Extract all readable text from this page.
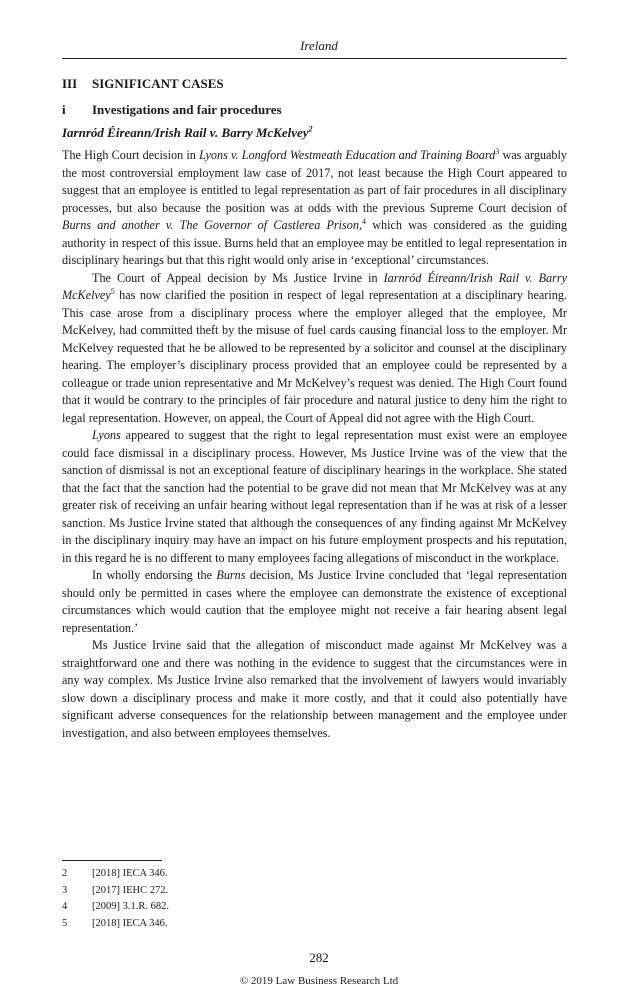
Ireland
III SIGNIFICANT CASES
i Investigations and fair procedures
Iarnród Éireann/Irish Rail v. Barry McKelvey$^2$

The High Court decision in Lyons v. Longford Westmeath Education and Training Board$^3$ was arguably the most controversial employment law case of 2017, not least because the High Court appeared to suggest that an employee is entitled to legal representation as part of fair procedures in all disciplinary processes, but also because the position was at odds with the previous Supreme Court decision of Burns and another v. The Governor of Castlerea Prison,$^4$ which was considered as the guiding authority in respect of this issue. Burns held that an employee may be entitled to legal representation in disciplinary hearings but that this right would only arise in ‘exceptional’ circumstances.

The Court of Appeal decision by Ms Justice Irvine in Iarnród Éireann/Irish Rail v. Barry McKelvey$^5$ has now clarified the position in respect of legal representation at a disciplinary hearing. This case arose from a disciplinary process where the employer alleged that the employee, Mr McKelvey, had committed theft by the misuse of fuel cards causing financial loss to the employer. Mr McKelvey requested that he be allowed to be represented by a solicitor and counsel at the disciplinary hearing. The employer’s disciplinary process provided that an employee could be represented by a colleague or trade union representative and Mr McKelvey’s request was denied. The High Court found that it would be contrary to the principles of fair procedure and natural justice to deny him the right to legal representation. However, on appeal, the Court of Appeal did not agree with the High Court.

Lyons appeared to suggest that the right to legal representation must exist were an employee could face dismissal in a disciplinary process. However, Ms Justice Irvine was of the view that the sanction of dismissal is not an exceptional feature of disciplinary hearings in the workplace. She stated that the fact that the sanction had the potential to be grave did not mean that Mr McKelvey was at any greater risk of receiving an unfair hearing without legal representation than if he was at risk of a lesser sanction. Ms Justice Irvine stated that although the consequences of any finding against Mr McKelvey in the disciplinary inquiry may have an impact on his future employment prospects and his reputation, in this regard he is no different to many employees facing allegations of misconduct in the workplace.

In wholly endorsing the Burns decision, Ms Justice Irvine concluded that ‘legal representation should only be permitted in cases where the employee can demonstrate the existence of exceptional circumstances which would caution that the employee might not receive a fair hearing absent legal representation.’

Ms Justice Irvine said that the allegation of misconduct made against Mr McKelvey was a straightforward one and there was nothing in the evidence to suggest that the circumstances were in any way complex. Ms Justice Irvine also remarked that the involvement of lawyers would invariably slow down a disciplinary process and make it more costly, and that it could also potentially have significant adverse consequences for the relationship between management and the employee under investigation, and also between employees themselves.

2	[2018] IECA 346.
3	[2017] IEHC 272.
4	[2009] 3.1.R. 682.
5	[2018] IECA 346.
282
© 2019 Law Business Research Ltd
